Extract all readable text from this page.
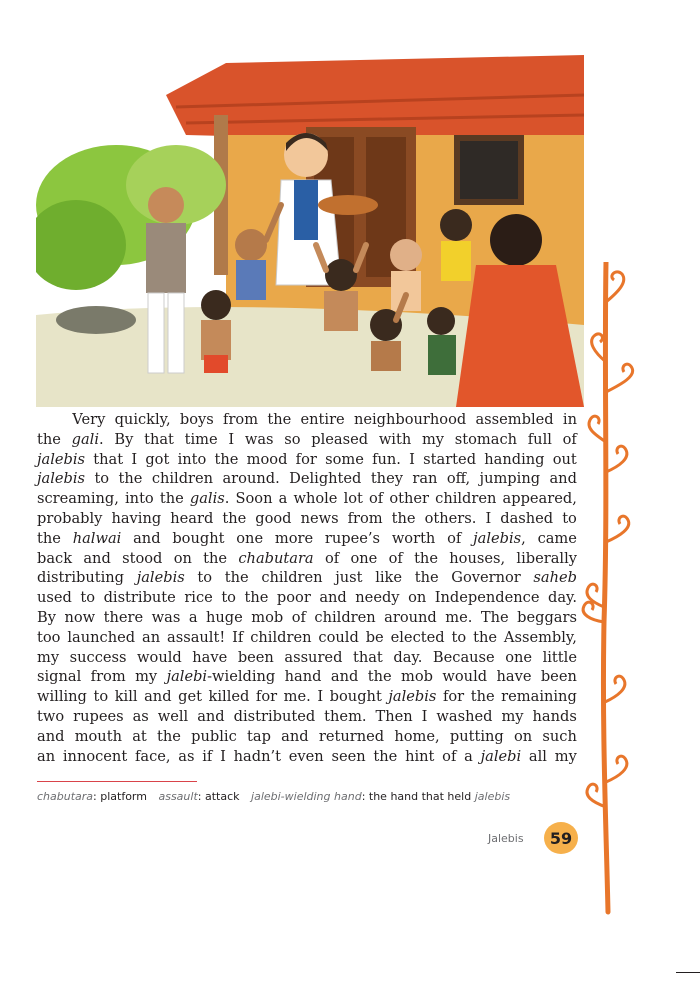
Very quickly, boys from the entire neighbourhood assembled in
the gali. By that time I was so pleased with my stomach full of
jalebis that I got into the mood for some fun. I started handing out
jalebis to the children around. Delighted they ran off, jumping and
screaming, into the galis. Soon a whole lot of other children appeared,
probably having heard the good news from the others. I dashed to
the halwai and bought one more rupee’s worth of jalebis, came
back and stood on the chabutara of one of the houses, liberally
distributing jalebis to the children just like the Governor saheb
used to distribute rice to the poor and needy on Independence day.
By now there was a huge mob of children around me. The beggars
too launched an assault! If children could be elected to the Assembly,
my success would have been assured that day. Because one little
signal from my jalebi-wielding hand and the mob would have been
willing to kill and get killed for me. I bought jalebis for the remaining
two rupees as well and distributed them. Then I washed my hands
and mouth at the public tap and returned home, putting on such
an innocent face, as if I hadn’t even seen the hint of a jalebi all my
chabutara: platform assault: attack jalebi-wielding hand: the hand that held jalebis
Jalebis 59
